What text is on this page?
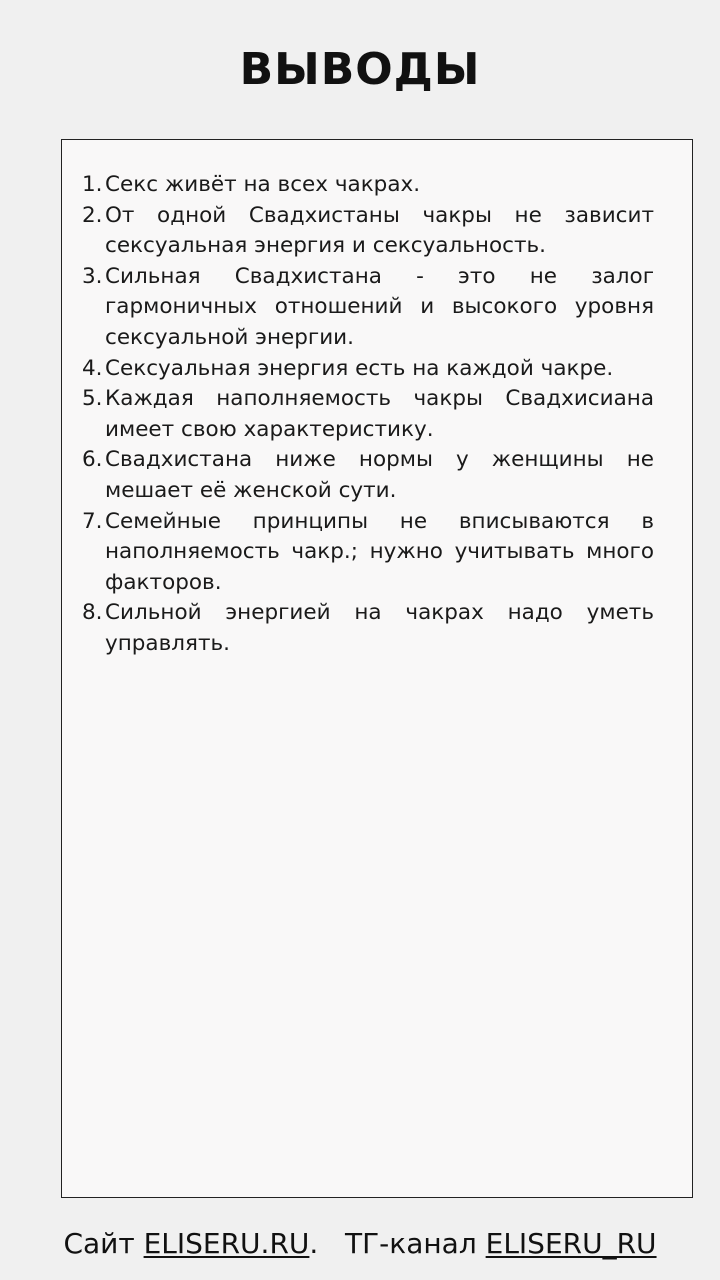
ВЫВОДЫ
1. Секс живёт на всех чакрах.
2. От одной Свадхистаны чакры не зависит сексуальная энергия и сексуальность.
3. Сильная Свадхистана - это не залог гармоничных отношений и высокого уровня сексуальной энергии.
4. Сексуальная энергия есть на каждой чакре.
5. Каждая наполняемость чакры Свадхисиана имеет свою характеристику.
6. Свадхистана ниже нормы у женщины не мешает её женской сути.
7. Семейные принципы не вписываются в наполняемость чакр.; нужно учитывать много факторов.
8. Сильной энергией на чакрах надо уметь управлять.
Сайт ELISERU.RU.   ТГ-канал ELISERU_RU
